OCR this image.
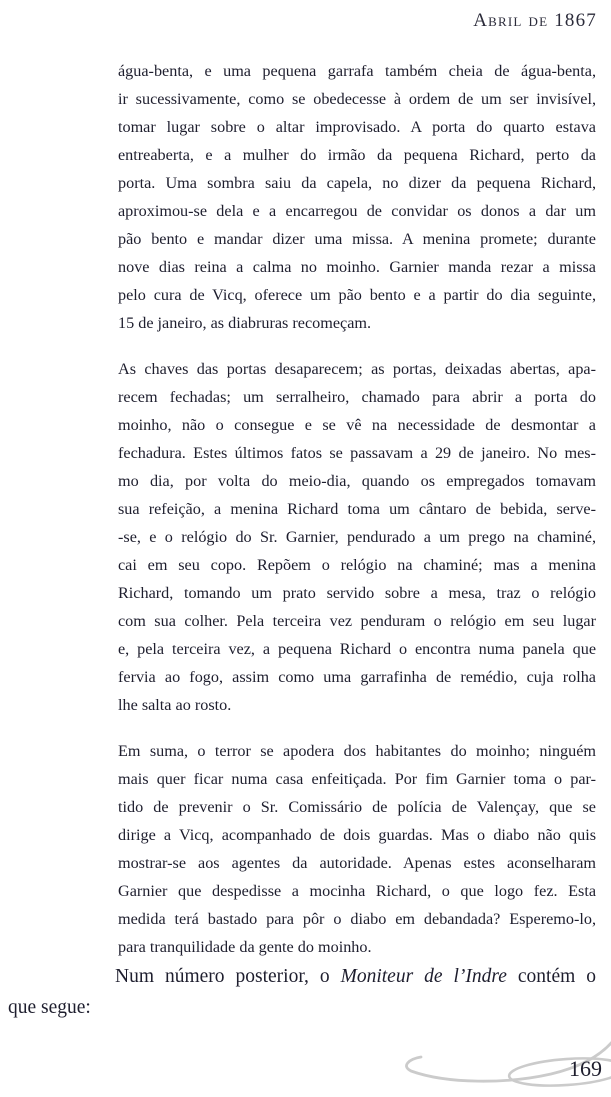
Abril de 1867
água-benta, e uma pequena garrafa também cheia de água-benta,
ir sucessivamente, como se obedecesse à ordem de um ser invisível,
tomar lugar sobre o altar improvisado. A porta do quarto estava
entreaberta, e a mulher do irmão da pequena Richard, perto da
porta. Uma sombra saiu da capela, no dizer da pequena Richard,
aproximou-se dela e a encarregou de convidar os donos a dar um
pão bento e mandar dizer uma missa. A menina promete; durante
nove dias reina a calma no moinho. Garnier manda rezar a missa
pelo cura de Vicq, oferece um pão bento e a partir do dia seguinte,
15 de janeiro, as diabruras recomeçam.
As chaves das portas desaparecem; as portas, deixadas abertas, apa-
recem fechadas; um serralheiro, chamado para abrir a porta do
moinho, não o consegue e se vê na necessidade de desmontar a
fechadura. Estes últimos fatos se passavam a 29 de janeiro. No mes-
mo dia, por volta do meio-dia, quando os empregados tomavam
sua refeição, a menina Richard toma um cântaro de bebida, serve-
-se, e o relógio do Sr. Garnier, pendurado a um prego na chaminé,
cai em seu copo. Repõem o relógio na chaminé; mas a menina
Richard, tomando um prato servido sobre a mesa, traz o relógio
com sua colher. Pela terceira vez penduram o relógio em seu lugar
e, pela terceira vez, a pequena Richard o encontra numa panela que
fervia ao fogo, assim como uma garrafinha de remédio, cuja rolha
lhe salta ao rosto.
Em suma, o terror se apodera dos habitantes do moinho; ninguém
mais quer ficar numa casa enfeitiçada. Por fim Garnier toma o par-
tido de prevenir o Sr. Comissário de polícia de Valençay, que se
dirige a Vicq, acompanhado de dois guardas. Mas o diabo não quis
mostrar-se aos agentes da autoridade. Apenas estes aconselharam
Garnier que despedisse a mocinha Richard, o que logo fez. Esta
medida terá bastado para pôr o diabo em debandada? Esperemo-lo,
para tranquilidade da gente do moinho.
Num número posterior, o Moniteur de l’Indre contém o
que segue:
169
